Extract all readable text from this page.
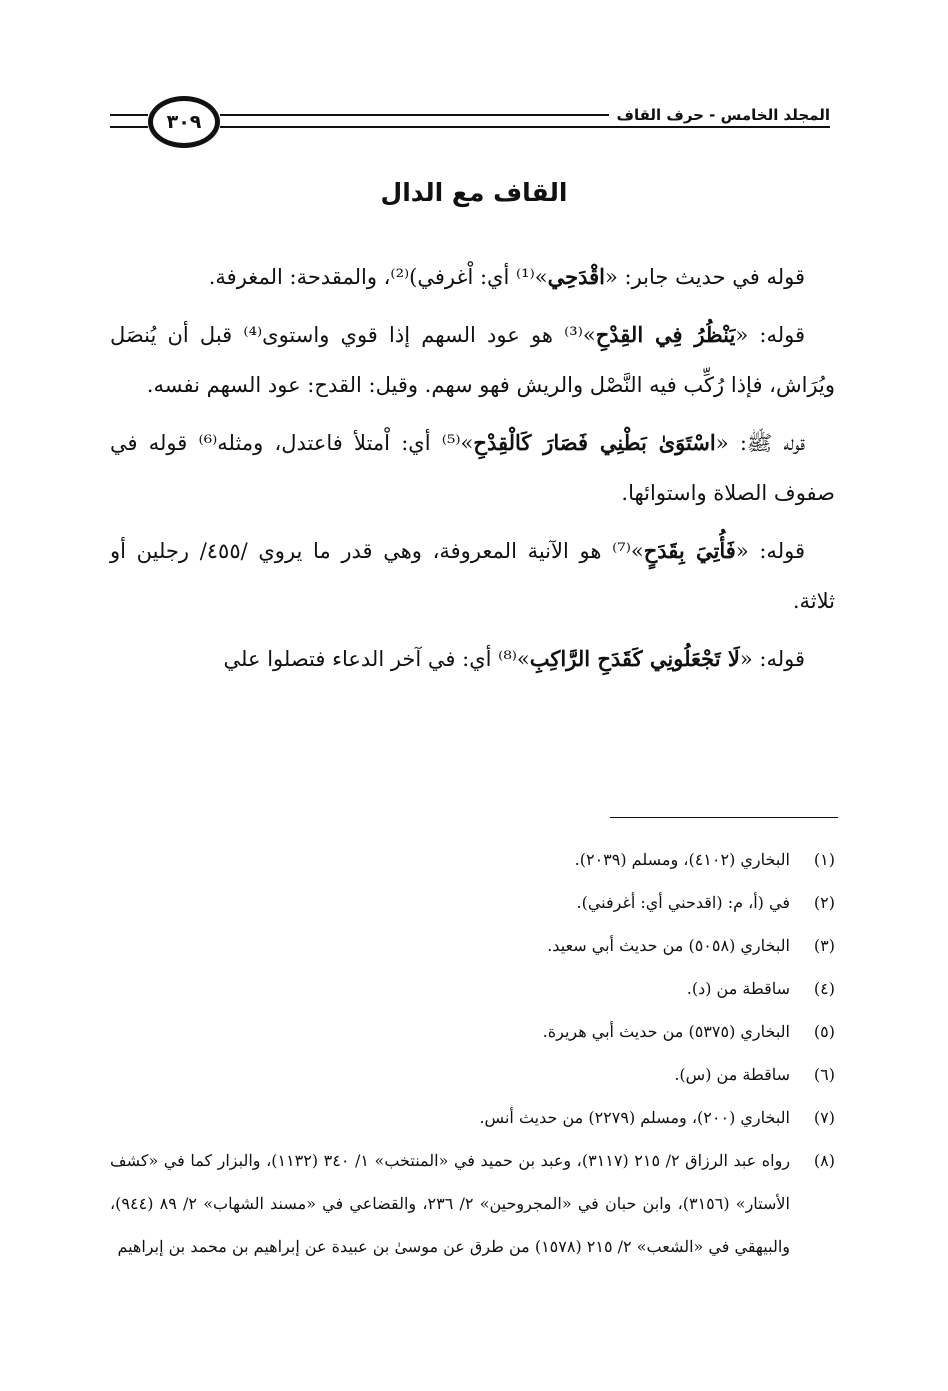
المجلد الخامس - حرف القاف
٣٠٩
القاف مع الدال

قوله في حديث جابر: «اقْدَحِي»⁽¹⁾ أي: اْغرفي)⁽²⁾، والمقدحة: المغرفة.

قوله: «يَنْظُرُ فِي القِدْحِ»⁽³⁾ هو عود السهم إذا قوي واستوى⁽⁴⁾ قبل أن يُنصَل ويُرَاش، فإذا رُكِّب فيه النَّصْل والريش فهو سهم. وقيل: القدح: عود السهم نفسه.

قوله ﷺ: «اسْتَوَىٰ بَطْنِي فَصَارَ كَالْقِدْحِ»⁽⁵⁾ أي: اْمتلأ فاعتدل، ومثله⁽⁶⁾ قوله في صفوف الصلاة واستوائها.

قوله: «فَأُتِيَ بِقَدَحٍ»⁽⁷⁾ هو الآنية المعروفة، وهي قدر ما يروي /٤٥٥/ رجلين أو ثلاثة.

قوله: «لَا تَجْعَلُونِي كَقَدَحِ الرَّاكِبِ»⁽⁸⁾ أي: في آخر الدعاء فتصلوا علي

(١)
البخاري (٤١٠٢)، ومسلم (٢٠٣٩).
(٢)
في (أ، م: (اقدحني أي: أغرفني).
(٣)
البخاري (٥٠٥٨) من حديث أبي سعيد.
(٤)
ساقطة من (د).
(٥)
البخاري (٥٣٧٥) من حديث أبي هريرة.
(٦)
ساقطة من (س).
(٧)
البخاري (٢٠٠)، ومسلم (٢٢٧٩) من حديث أنس.
(٨)
رواه عبد الرزاق ٢/ ٢١٥ (٣١١٧)، وعبد بن حميد في «المنتخب» ١/ ٣٤٠ (١١٣٢)، والبزار كما في «كشف الأستار» (٣١٥٦)، وابن حبان في «المجروحين» ٢/ ٢٣٦، والقضاعي في «مسند الشهاب» ٢/ ٨٩ (٩٤٤)، والبيهقي في «الشعب» ٢/ ٢١٥ (١٥٧٨) من طرق عن موسىٰ بن عبيدة عن إبراهيم بن محمد بن إبراهيم
